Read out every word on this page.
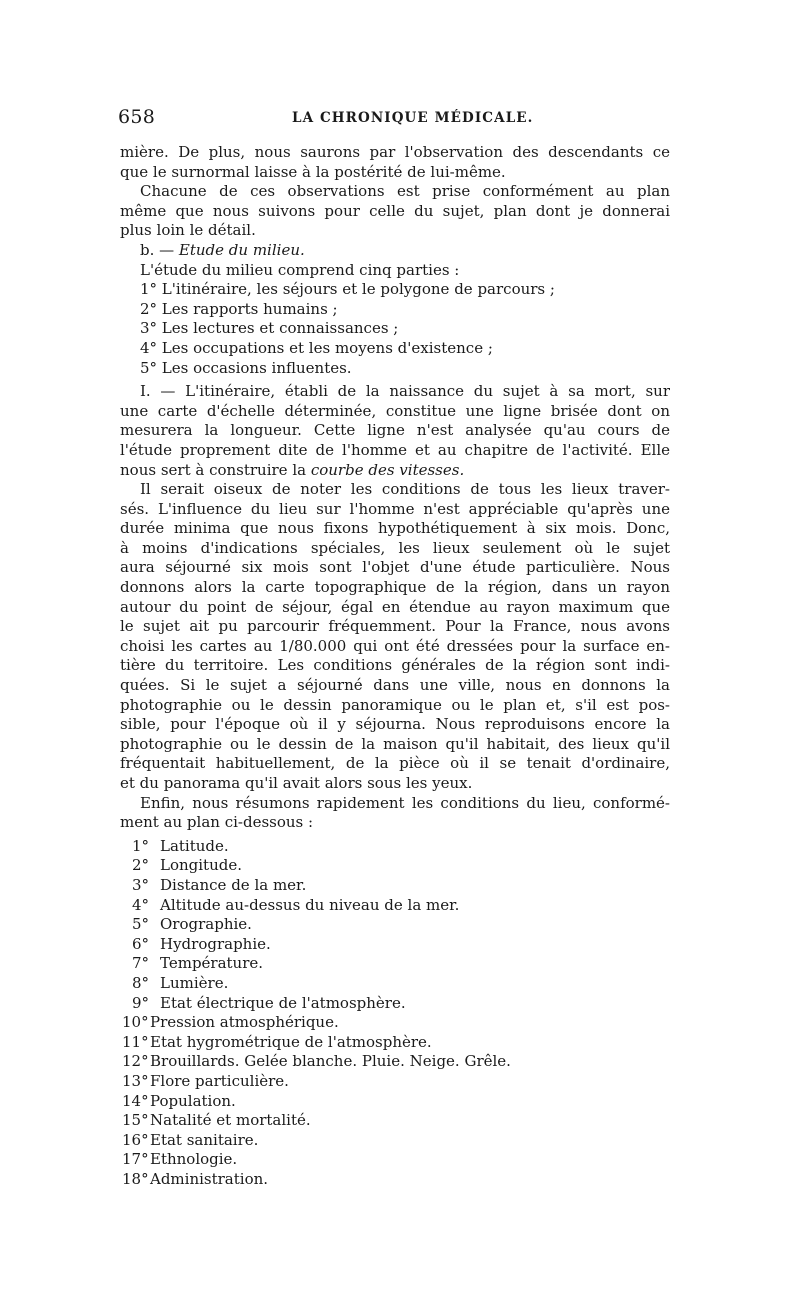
658	LA CHRONIQUE MÉDICALE.
mière. De plus, nous saurons par l'observation des descendants ce
que le surnormal laisse à la postérité de lui-même.
Chacune de ces observations est prise conformément au plan
même que nous suivons pour celle du sujet, plan dont je donnerai
plus loin le détail.
b. — Etude du milieu.
L'étude du milieu comprend cinq parties :
1° L'itinéraire, les séjours et le polygone de parcours ;
2° Les rapports humains ;
3° Les lectures et connaissances ;
4° Les occupations et les moyens d'existence ;
5° Les occasions influentes.
I. — L'itinéraire, établi de la naissance du sujet à sa mort, sur
une carte d'échelle déterminée, constitue une ligne brisée dont on
mesurera la longueur. Cette ligne n'est analysée qu'au cours de
l'étude proprement dite de l'homme et au chapitre de l'activité. Elle
nous sert à construire la courbe des vitesses.
Il serait oiseux de noter les conditions de tous les lieux traver-
sés. L'influence du lieu sur l'homme n'est appréciable qu'après une
durée minima que nous fixons hypothétiquement à six mois. Donc,
à moins d'indications spéciales, les lieux seulement où le sujet
aura séjourné six mois sont l'objet d'une étude particulière. Nous
donnons alors la carte topographique de la région, dans un rayon
autour du point de séjour, égal en étendue au rayon maximum que
le sujet ait pu parcourir fréquemment. Pour la France, nous avons
choisi les cartes au 1/80.000 qui ont été dressées pour la surface en-
tière du territoire. Les conditions générales de la région sont indi-
quées. Si le sujet a séjourné dans une ville, nous en donnons la
photographie ou le dessin panoramique ou le plan et, s'il est pos-
sible, pour l'époque où il y séjourna. Nous reproduisons encore la
photographie ou le dessin de la maison qu'il habitait, des lieux qu'il
fréquentait habituellement, de la pièce où il se tenait d'ordinaire,
et du panorama qu'il avait alors sous les yeux.
Enfin, nous résumons rapidement les conditions du lieu, conformé-
ment au plan ci-dessous :
1° Latitude.
2° Longitude.
3° Distance de la mer.
4° Altitude au-dessus du niveau de la mer.
5° Orographie.
6° Hydrographie.
7° Température.
8° Lumière.
9° Etat électrique de l'atmosphère.
10°Pression atmosphérique.
11°Etat hygrométrique de l'atmosphère.
12°Brouillards. Gelée blanche. Pluie. Neige. Grêle.
13°Flore particulière.
14°Population.
15°Natalité et mortalité.
16°Etat sanitaire.
17°Ethnologie.
18°Administration.
